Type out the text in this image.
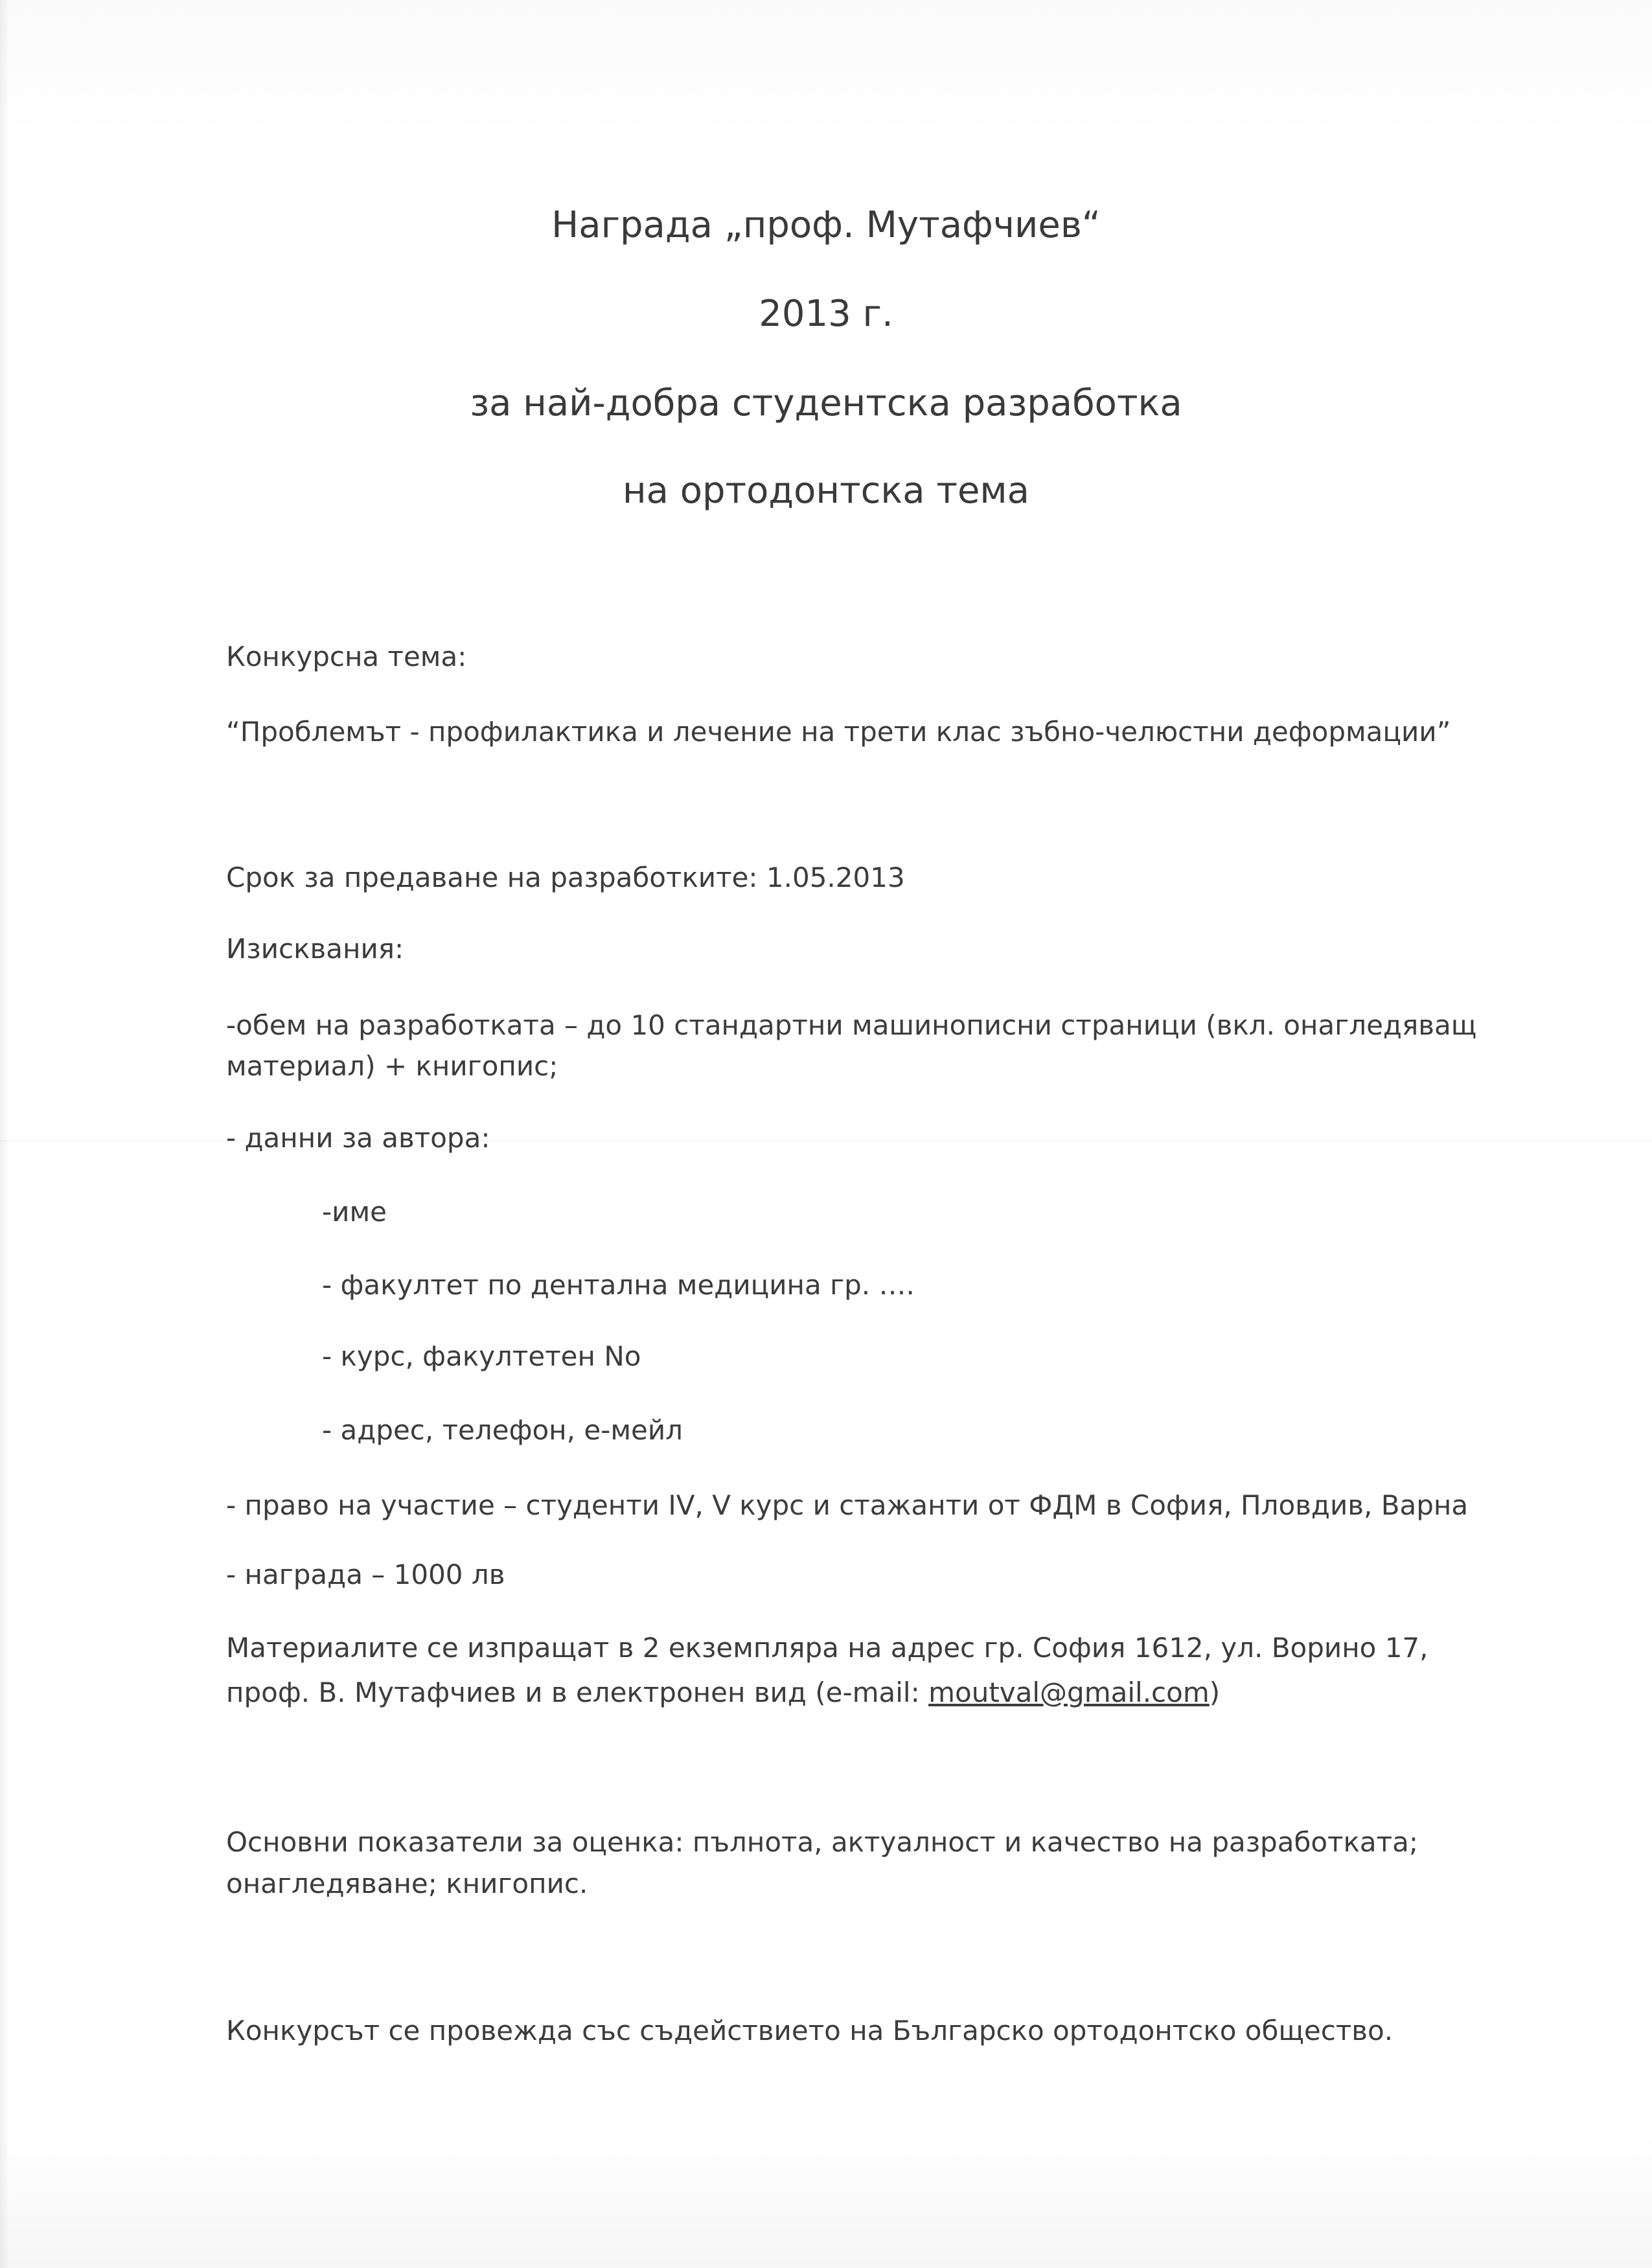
Награда „проф. Мутафчиев“
2013 г.
за най-добра студентска разработка
на ортодонтска тема
Конкурсна тема:
“Проблемът - профилактика и лечение на трети клас зъбно-челюстни деформации”
Срок за предаване на разработките: 1.05.2013
Изисквания:
-обем на разработката – до 10 стандартни машинописни страници (вкл. онагледяващ
материал) + книгопис;
- данни за автора:
-име
- факултет по дентална медицина гр. ….
- курс, факултетен No
- адрес, телефон, е-мейл
- право на участие – студенти IV, V курс и стажанти от ФДМ в София, Пловдив, Варна
- награда – 1000 лв
Материалите се изпращат в 2 екземпляра на адрес гр. София 1612, ул. Ворино 17,
проф. В. Мутафчиев и в електронен вид (e-mail: moutval@gmail.com)
Основни показатели за оценка: пълнота, актуалност и качество на разработката;
онагледяване; книгопис.
Конкурсът се провежда със съдействието на Българско ортодонтско общество.
